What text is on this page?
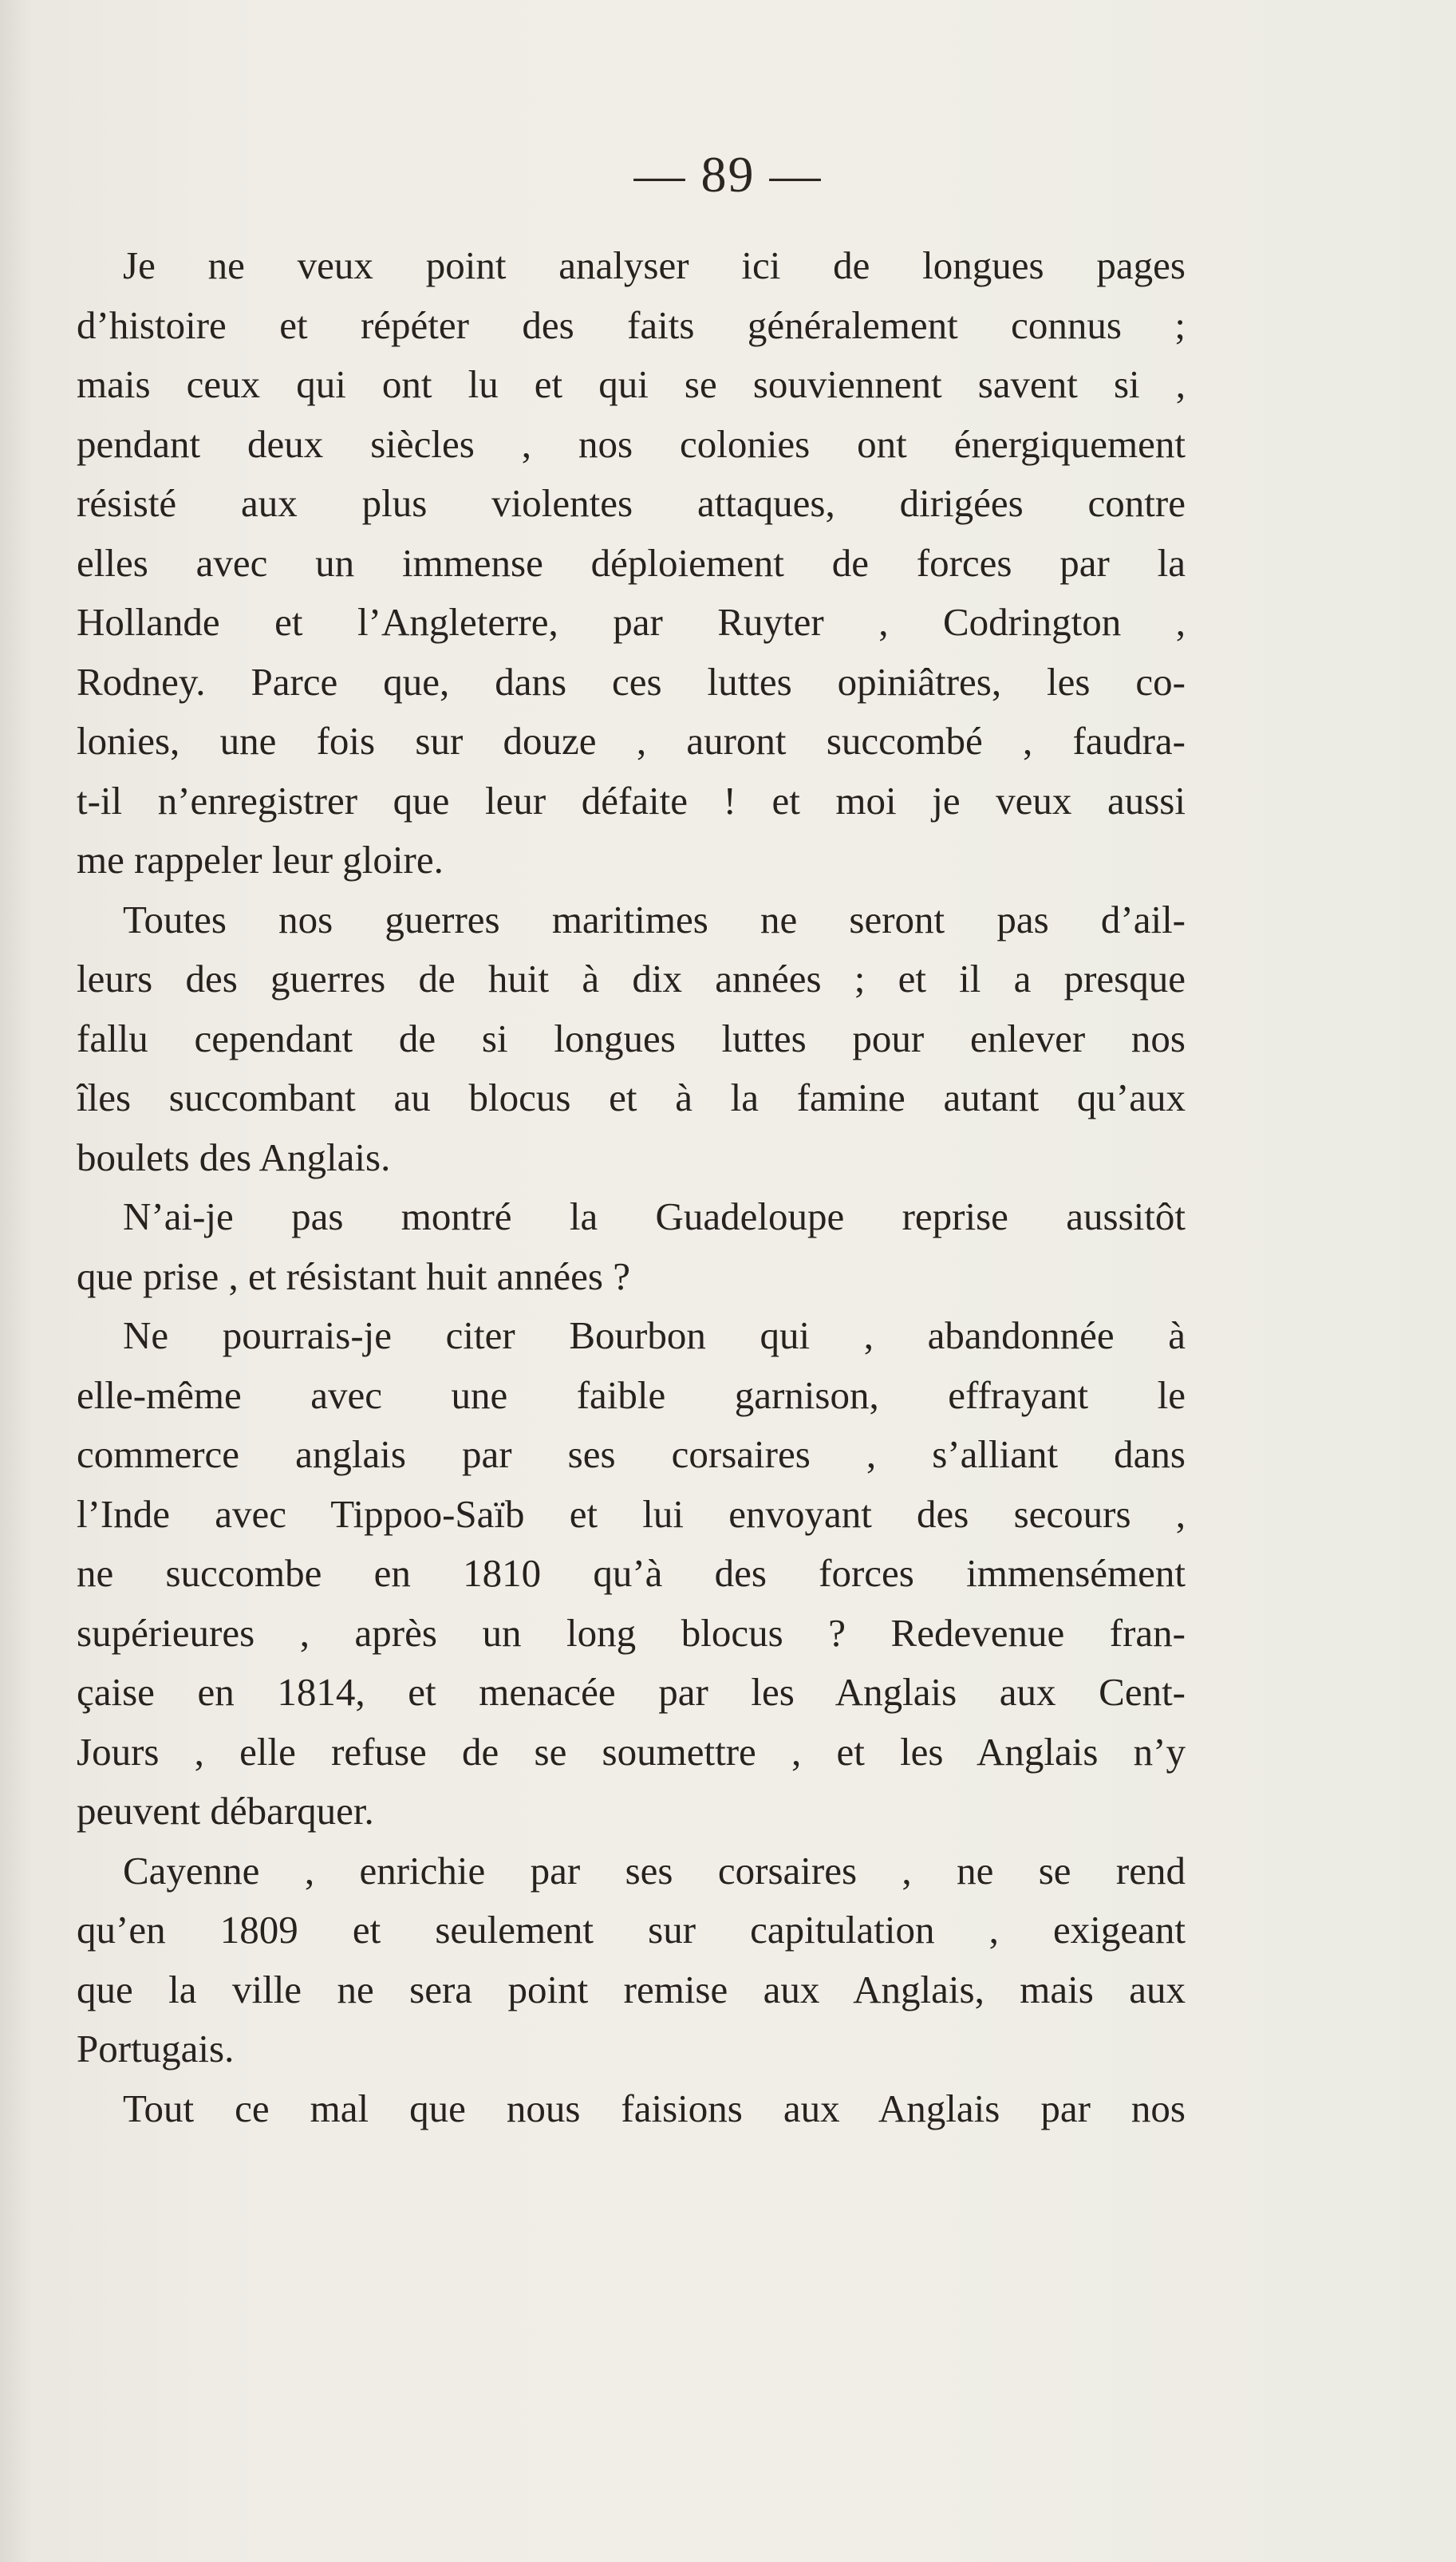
— 89 —
Je ne veux point analyser ici de longues pages
d’histoire et répéter des faits généralement connus ;
mais ceux qui ont lu et qui se souviennent savent si ,
pendant deux siècles , nos colonies ont énergiquement
résisté aux plus violentes attaques, dirigées contre
elles avec un immense déploiement de forces par la
Hollande et l’Angleterre, par Ruyter , Codrington ,
Rodney. Parce que, dans ces luttes opiniâtres, les co-
lonies, une fois sur douze , auront succombé , faudra-
t-il n’enregistrer que leur défaite ! et moi je veux aussi
me rappeler leur gloire.
Toutes nos guerres maritimes ne seront pas d’ail-
leurs des guerres de huit à dix années ; et il a presque
fallu cependant de si longues luttes pour enlever nos
îles succombant au blocus et à la famine autant qu’aux
boulets des Anglais.
N’ai-je pas montré la Guadeloupe reprise aussitôt
que prise , et résistant huit années ?
Ne pourrais-je citer Bourbon qui , abandonnée à
elle-même avec une faible garnison, effrayant le
commerce anglais par ses corsaires , s’alliant dans
l’Inde avec Tippoo-Saïb et lui envoyant des secours ,
ne succombe en 1810 qu’à des forces immensément
supérieures , après un long blocus ? Redevenue fran-
çaise en 1814, et menacée par les Anglais aux Cent-
Jours , elle refuse de se soumettre , et les Anglais n’y
peuvent débarquer.
Cayenne , enrichie par ses corsaires , ne se rend
qu’en 1809 et seulement sur capitulation , exigeant
que la ville ne sera point remise aux Anglais, mais aux
Portugais.
Tout ce mal que nous faisions aux Anglais par nos
